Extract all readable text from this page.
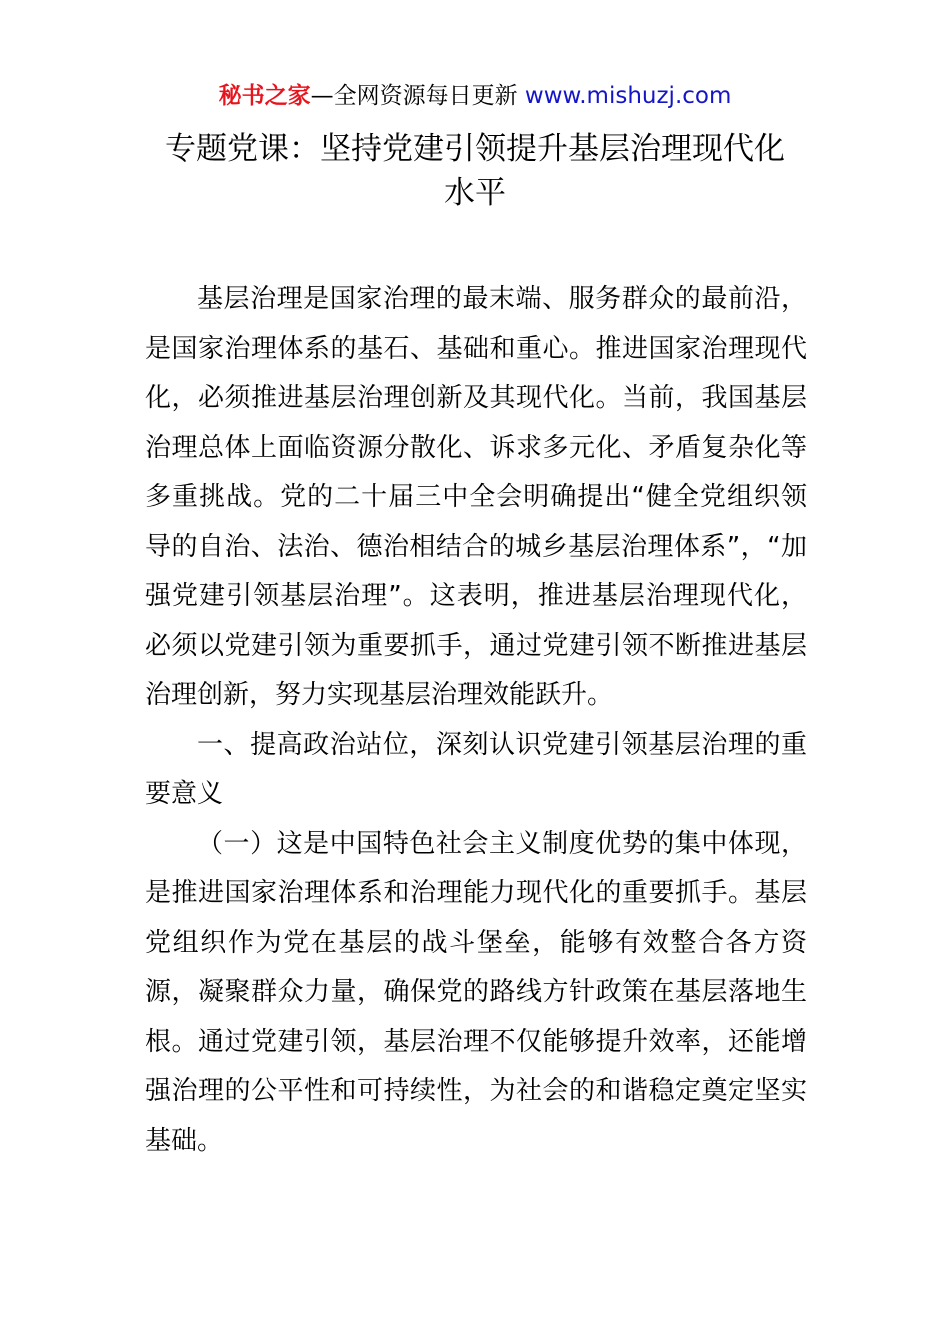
秘书之家—全网资源每日更新 www.mishuzj.com
专题党课：坚持党建引领提升基层治理现代化
水平

基层治理是国家治理的最末端、服务群众的最前沿，是国家治理体系的基石、基础和重心。推进国家治理现代化，必须推进基层治理创新及其现代化。当前，我国基层治理总体上面临资源分散化、诉求多元化、矛盾复杂化等多重挑战。党的二十届三中全会明确提出“健全党组织领导的自治、法治、德治相结合的城乡基层治理体系”，“加强党建引领基层治理”。这表明，推进基层治理现代化，必须以党建引领为重要抓手，通过党建引领不断推进基层治理创新，努力实现基层治理效能跃升。

一、提高政治站位，深刻认识党建引领基层治理的重要意义

（一）这是中国特色社会主义制度优势的集中体现，是推进国家治理体系和治理能力现代化的重要抓手。基层党组织作为党在基层的战斗堡垒，能够有效整合各方资源，凝聚群众力量，确保党的路线方针政策在基层落地生根。通过党建引领，基层治理不仅能够提升效率，还能增强治理的公平性和可持续性，为社会的和谐稳定奠定坚实基础。
